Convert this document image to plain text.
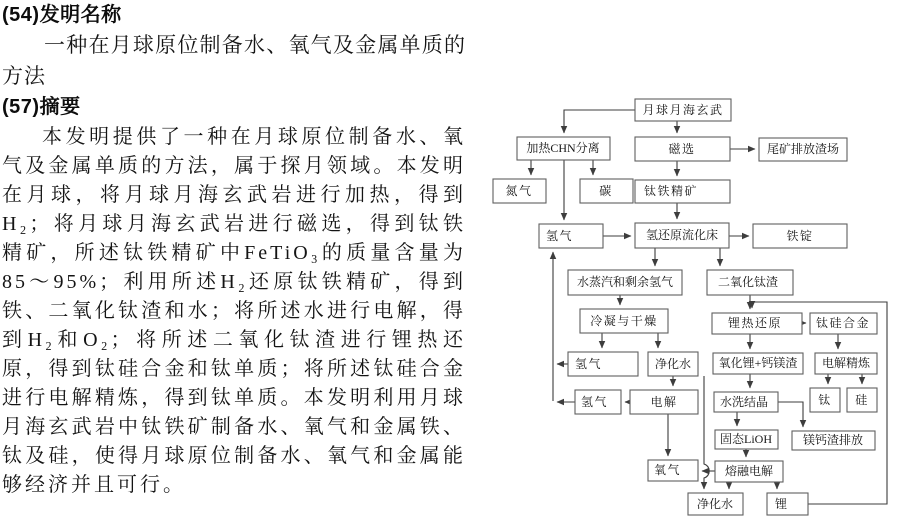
(54)发明名称
一种在月球原位制备水、氧气及金属单质的方法
(57)摘要
本发明提供了一种在月球原位制备水、氧气及金属单质的方法，属于探月领域。本发明在月球，将月球月海玄武岩进行加热，得到H₂；将月球月海玄武岩进行磁选，得到钛铁精矿，所述钛铁精矿中FeTiO₃的质量含量为85～95%；利用所述H₂还原钛铁精矿，得到铁、二氧化钛渣和水；将所述水进行电解，得到H₂和O₂；将所述二氧化钛渣进行锂热还原，得到钛硅合金和钛单质；将所述钛硅合金进行电解精炼，得到钛单质。本发明利用月球月海玄武岩中钛铁矿制备水、氧气和金属铁、钛及硅，使得月球原位制备水、氧气和金属能够经济并且可行。
月球月海玄武
加热CHN分离	磁选	尾矿排放渣场
氮气	碳	钛铁精矿
氢气	氢还原流化床	铁锭
水蒸汽和剩余氢气	二氧化钛渣
冷凝与干燥	锂热还原	钛硅合金
氢气	净化水 氧化锂+钙镁渣 电解精炼
氢气	电解	水洗结晶	钛 硅
固态LiOH	镁钙渣排放
氧气	熔融电解
净化水	锂
